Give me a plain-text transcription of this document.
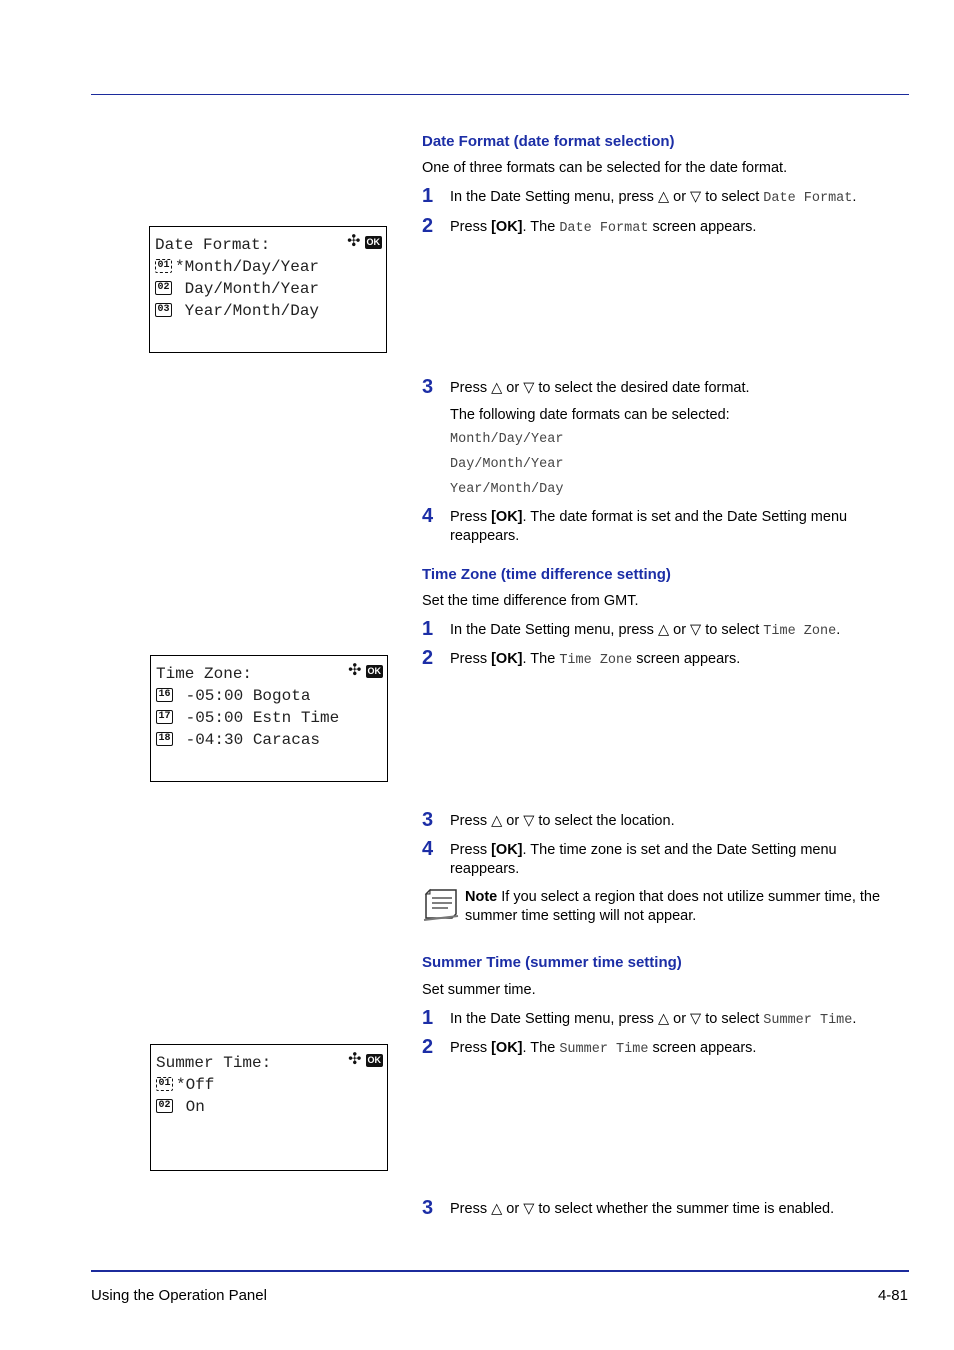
Date Format (date format selection)
One of three formats can be selected for the date format.
1 In the Date Setting menu, press △ or ▽ to select Date Format.
2 Press [OK]. The Date Format screen appears.
Date Format:	✣ OK
01 *Month/Day/Year
02 Day/Month/Year
03 Year/Month/Day
3 Press △ or ▽ to select the desired date format.
The following date formats can be selected:
Month/Day/Year
Day/Month/Year
Year/Month/Day
4 Press [OK]. The date format is set and the Date Setting menu reappears.
Time Zone (time difference setting)
Set the time difference from GMT.
1 In the Date Setting menu, press △ or ▽ to select Time Zone.
2 Press [OK]. The Time Zone screen appears.
Time Zone:	✣ OK
16 -05:00 Bogota
17 -05:00 Estn Time
18 -04:30 Caracas
3 Press △ or ▽ to select the location.
4 Press [OK]. The time zone is set and the Date Setting menu reappears.
Note If you select a region that does not utilize summer time, the summer time setting will not appear.
Summer Time (summer time setting)
Set summer time.
1 In the Date Setting menu, press △ or ▽ to select Summer Time.
2 Press [OK]. The Summer Time screen appears.
Summer Time:	✣ OK
01 *Off
02 On
3 Press △ or ▽ to select whether the summer time is enabled.
Using the Operation Panel	4-81
